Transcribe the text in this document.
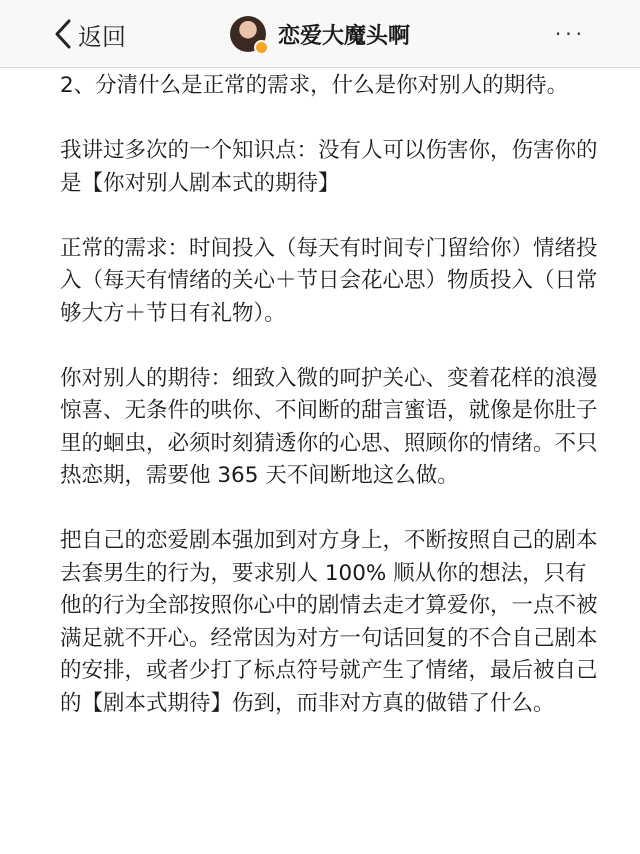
返回	恋爱大魔头啊	···

2、分清什么是正常的需求，什么是你对别人的期待。

我讲过多次的一个知识点：没有人可以伤害你，伤害你的是【你对别人剧本式的期待】

正常的需求：时间投入（每天有时间专门留给你）情绪投入（每天有情绪的关心＋节日会花心思）物质投入（日常够大方＋节日有礼物）。

你对别人的期待：细致入微的呵护关心、变着花样的浪漫惊喜、无条件的哄你、不间断的甜言蜜语，就像是你肚子里的蛔虫，必须时刻猜透你的心思、照顾你的情绪。不只热恋期，需要他 365 天不间断地这么做。

把自己的恋爱剧本强加到对方身上，不断按照自己的剧本去套男生的行为，要求别人 100% 顺从你的想法，只有他的行为全部按照你心中的剧情去走才算爱你，一点不被满足就不开心。经常因为对方一句话回复的不合自己剧本的安排，或者少打了标点符号就产生了情绪，最后被自己的【剧本式期待】伤到，而非对方真的做错了什么。
